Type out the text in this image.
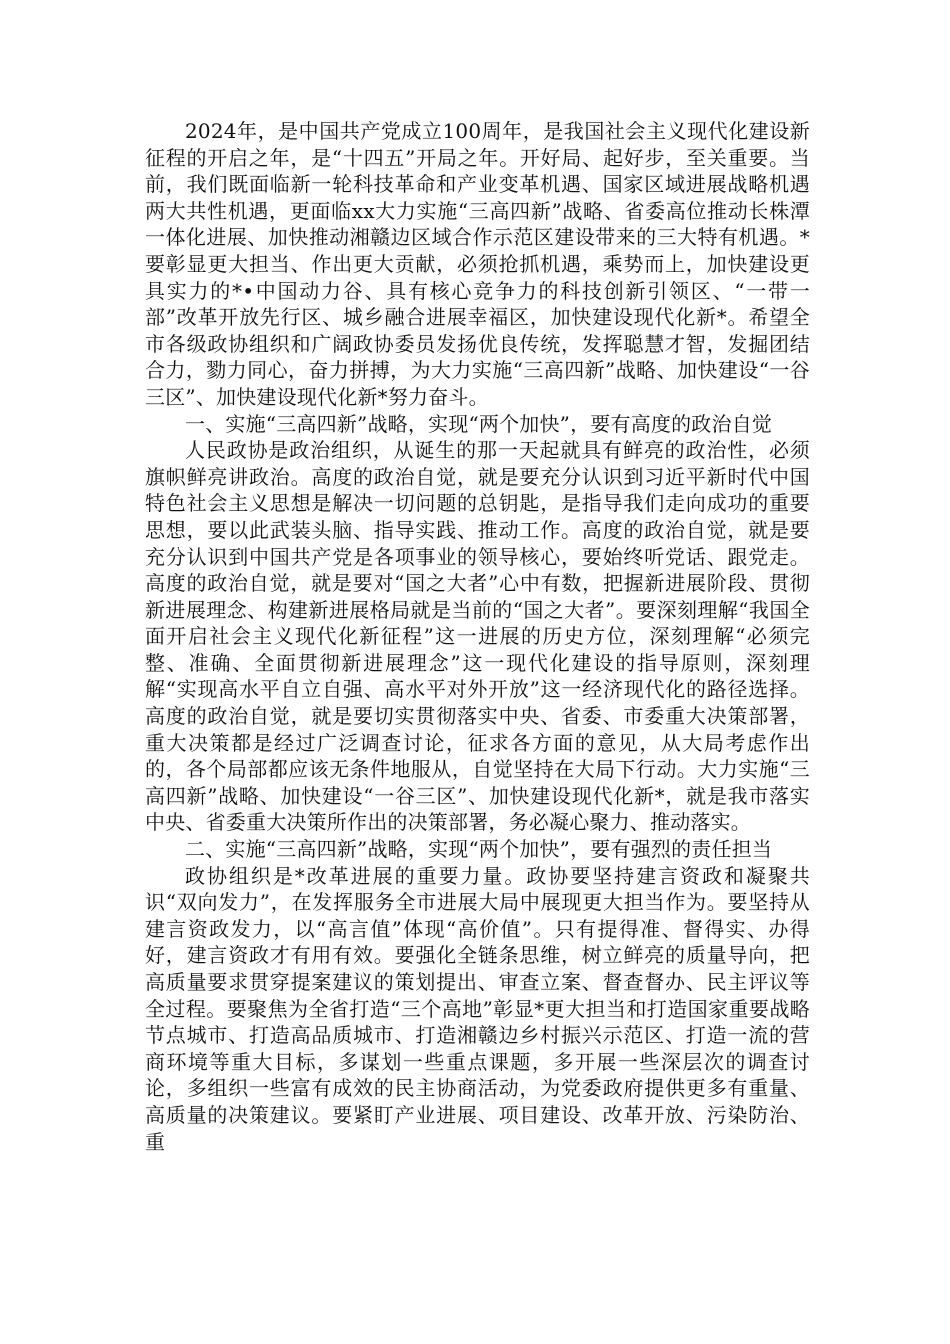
2024年，是中国共产党成立100周年，是我国社会主义现代化建设新征程的开启之年，是“十四五”开局之年。开好局、起好步，至关重要。当前，我们既面临新一轮科技革命和产业变革机遇、国家区域进展战略机遇两大共性机遇，更面临xx大力实施“三高四新”战略、省委高位推动长株潭一体化进展、加快推动湘赣边区域合作示范区建设带来的三大特有机遇。*要彰显更大担当、作出更大贡献，必须抢抓机遇，乘势而上，加快建设更具实力的*•中国动力谷、具有核心竞争力的科技创新引领区、“一带一部”改革开放先行区、城乡融合进展幸福区，加快建设现代化新*。希望全市各级政协组织和广阔政协委员发扬优良传统，发挥聪慧才智，发掘团结合力，勠力同心，奋力拼搏，为大力实施“三高四新”战略、加快建设“一谷三区”、加快建设现代化新*努力奋斗。

一、实施“三高四新”战略，实现“两个加快”，要有高度的政治自觉

人民政协是政治组织，从诞生的那一天起就具有鲜亮的政治性，必须旗帜鲜亮讲政治。高度的政治自觉，就是要充分认识到习近平新时代中国特色社会主义思想是解决一切问题的总钥匙，是指导我们走向成功的重要思想，要以此武装头脑、指导实践、推动工作。高度的政治自觉，就是要充分认识到中国共产党是各项事业的领导核心，要始终听党话、跟党走。高度的政治自觉，就是要对“国之大者”心中有数，把握新进展阶段、贯彻新进展理念、构建新进展格局就是当前的“国之大者”。要深刻理解“我国全面开启社会主义现代化新征程”这一进展的历史方位，深刻理解“必须完整、准确、全面贯彻新进展理念”这一现代化建设的指导原则，深刻理解“实现高水平自立自强、高水平对外开放”这一经济现代化的路径选择。高度的政治自觉，就是要切实贯彻落实中央、省委、市委重大决策部署，重大决策都是经过广泛调查讨论，征求各方面的意见，从大局考虑作出的，各个局部都应该无条件地服从，自觉坚持在大局下行动。大力实施“三高四新”战略、加快建设“一谷三区”、加快建设现代化新*，就是我市落实中央、省委重大决策所作出的决策部署，务必凝心聚力、推动落实。

二、实施“三高四新”战略，实现“两个加快”，要有强烈的责任担当

政协组织是*改革进展的重要力量。政协要坚持建言资政和凝聚共识“双向发力”，在发挥服务全市进展大局中展现更大担当作为。要坚持从建言资政发力，以“高言值”体现“高价值”。只有提得准、督得实、办得好，建言资政才有用有效。要强化全链条思维，树立鲜亮的质量导向，把高质量要求贯穿提案建议的策划提出、审查立案、督查督办、民主评议等全过程。要聚焦为全省打造“三个高地”彰显*更大担当和打造国家重要战略节点城市、打造高品质城市、打造湘赣边乡村振兴示范区、打造一流的营商环境等重大目标，多谋划一些重点课题，多开展一些深层次的调查讨论，多组织一些富有成效的民主协商活动，为党委政府提供更多有重量、高质量的决策建议。要紧盯产业进展、项目建设、改革开放、污染防治、重
